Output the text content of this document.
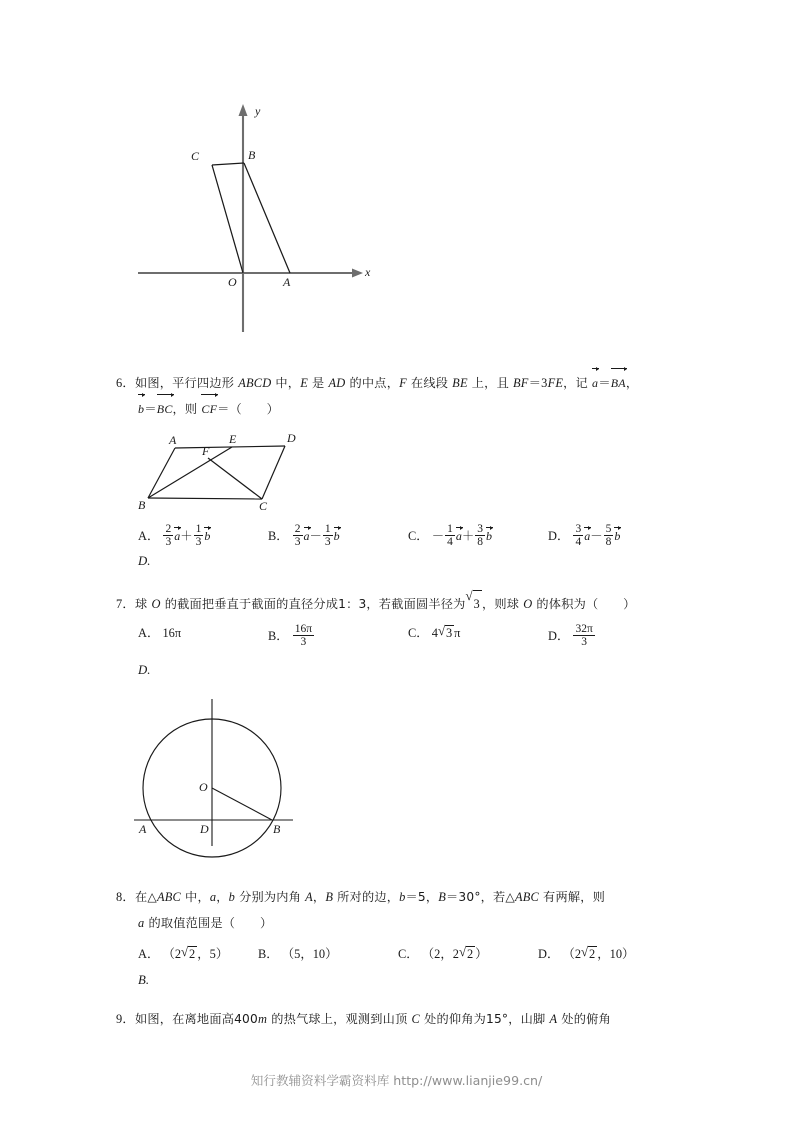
y
x
C	B
O	A
6．如图，平行四边形 ABCD 中，E 是 AD 的中点，F 在线段 BE 上，且 BF＝3FE，记 a＝BA，
b＝BC，则 CF＝（　　）
A	E	D
F
B	C
A． $\frac{2}{3} a+ \frac{1}{3}$ b	B． $\frac{2}{3} a- \frac{1}{3}$ b	C． － $\frac{1}{4} a+ \frac{3}{8}$ b	D． $\frac{3}{4} a- \frac{5}{8}$ b
D.
7．球 O 的截面把垂直于截面的直径分成1：3，若截面圆半径为
√
3 ，则球 O 的体积为（　　）
A． 16π	B． $\frac{16\pi}{3}$	C． 4 √ 3 π	D． $\frac{32\pi}{3}$
D.
O
A	D	B
8．在△ABC 中，a，b 分别为内角 A，B 所对的边，b＝5，B＝30°，若△ABC 有两解，则
a 的取值范围是（　　）
A． （2 √ 2 ，5） B． （5，10）	C． （2，2 √ 2 ）	D． （2 √ 2 ，10）
B.
9．如图，在离地面高400m 的热气球上，观测到山顶 C 处的仰角为15°，山脚 A 处的俯角
知行教辅资料学霸资料库 http://www.lianjie99.cn/
